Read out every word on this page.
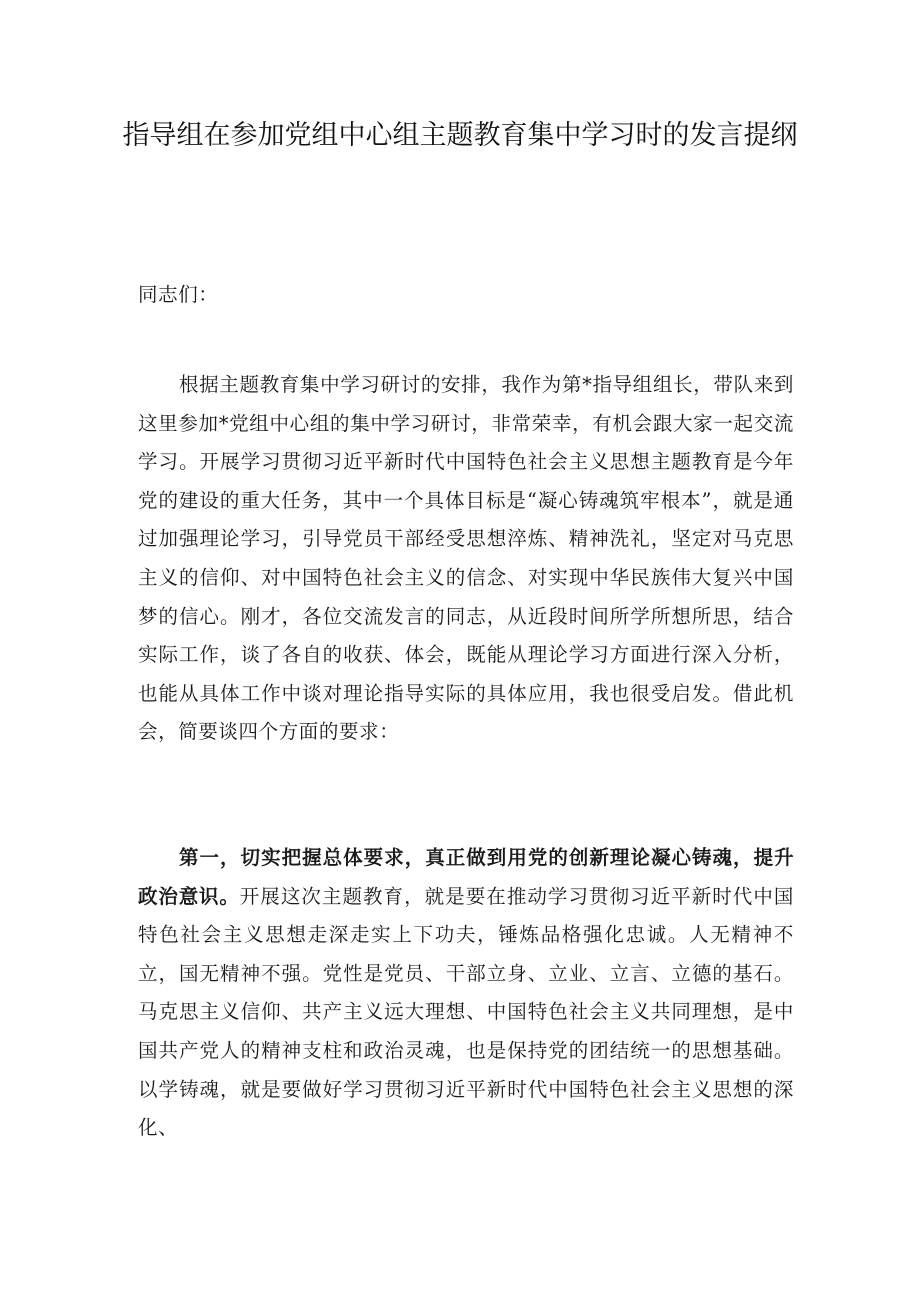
指导组在参加党组中心组主题教育集中学习时的发言提纲

同志们：

根据主题教育集中学习研讨的安排，我作为第*指导组组长，带队来到这里参加*党组中心组的集中学习研讨，非常荣幸，有机会跟大家一起交流学习。开展学习贯彻习近平新时代中国特色社会主义思想主题教育是今年党的建设的重大任务，其中一个具体目标是“凝心铸魂筑牢根本”，就是通过加强理论学习，引导党员干部经受思想淬炼、精神洗礼，坚定对马克思主义的信仰、对中国特色社会主义的信念、对实现中华民族伟大复兴中国梦的信心。刚才，各位交流发言的同志，从近段时间所学所想所思，结合实际工作，谈了各自的收获、体会，既能从理论学习方面进行深入分析，也能从具体工作中谈对理论指导实际的具体应用，我也很受启发。借此机会，简要谈四个方面的要求：

第一，切实把握总体要求，真正做到用党的创新理论凝心铸魂，提升政治意识。开展这次主题教育，就是要在推动学习贯彻习近平新时代中国特色社会主义思想走深走实上下功夫，锤炼品格强化忠诚。人无精神不立，国无精神不强。党性是党员、干部立身、立业、立言、立德的基石。马克思主义信仰、共产主义远大理想、中国特色社会主义共同理想，是中国共产党人的精神支柱和政治灵魂，也是保持党的团结统一的思想基础。以学铸魂，就是要做好学习贯彻习近平新时代中国特色社会主义思想的深化、
